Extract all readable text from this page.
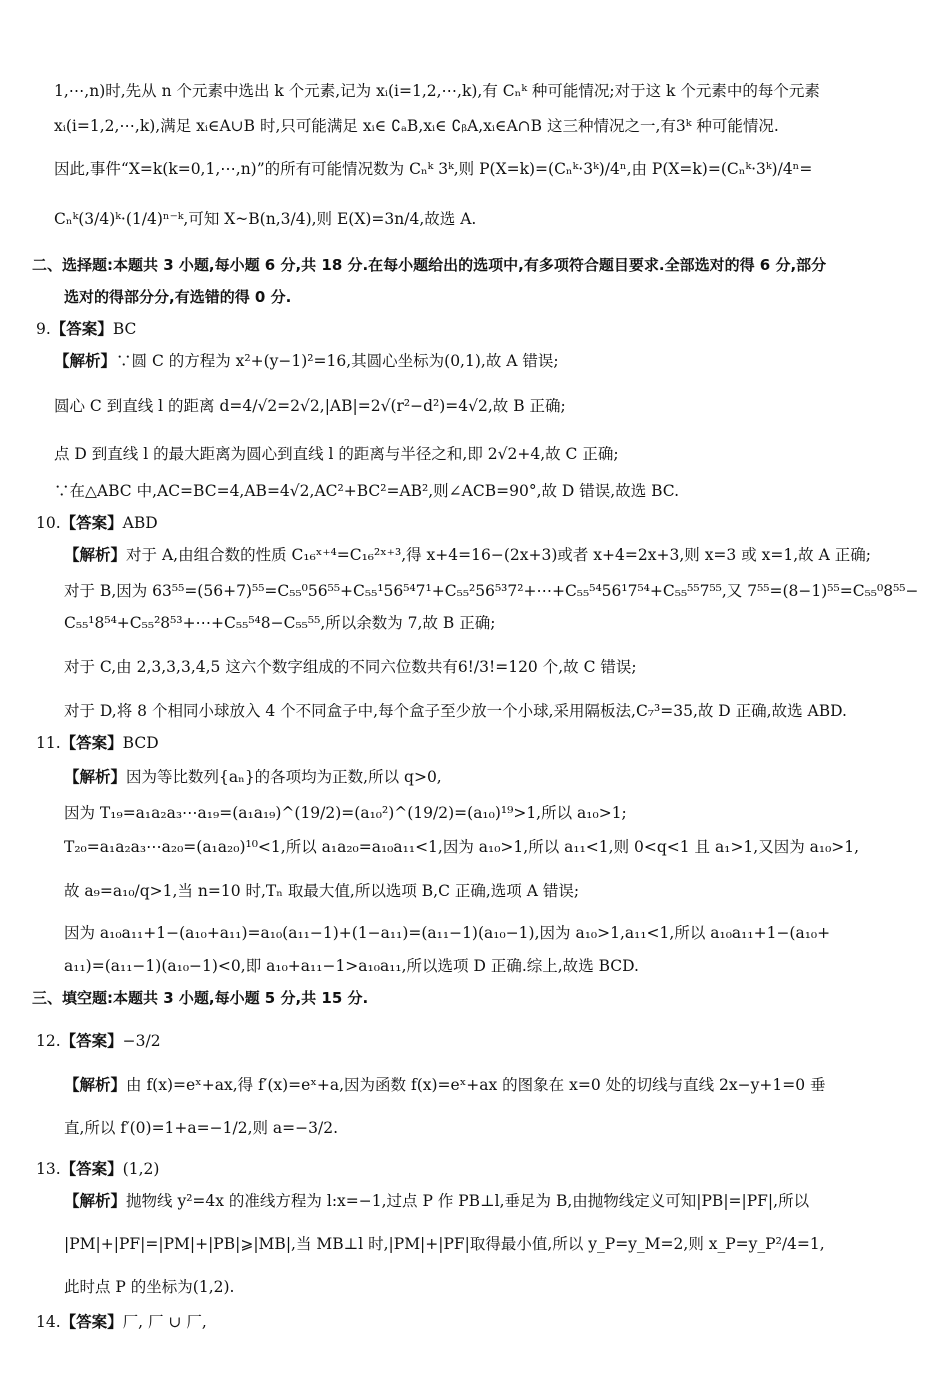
1,⋯,n)时,先从 n 个元素中选出 k 个元素,记为 xᵢ(i=1,2,⋯,k),有 Cₙᵏ 种可能情况;对于这 k 个元素中的每个元素
xᵢ(i=1,2,⋯,k),满足 xᵢ∈A∪B 时,只可能满足 xᵢ∈ ∁ₐB,xᵢ∈ ∁ᵦA,xᵢ∈A∩B 这三种情况之一,有3ᵏ 种可能情况.
因此,事件“X=k(k=0,1,⋯,n)”的所有可能情况数为 Cₙᵏ 3ᵏ,则 P(X=k)=(Cₙᵏ·3ᵏ)/4ⁿ,由 P(X=k)=(Cₙᵏ·3ᵏ)/4ⁿ=
Cₙᵏ(3/4)ᵏ·(1/4)ⁿ⁻ᵏ,可知 X~B(n,3/4),则 E(X)=3n/4,故选 A.
二、选择题:本题共 3 小题,每小题 6 分,共 18 分.在每小题给出的选项中,有多项符合题目要求.全部选对的得 6 分,部分
选对的得部分分,有选错的得 0 分.
9.【答案】BC
【解析】∵圆 C 的方程为 x²+(y−1)²=16,其圆心坐标为(0,1),故 A 错误;
圆心 C 到直线 l 的距离 d=4/√2=2√2,|AB|=2√(r²−d²)=4√2,故 B 正确;
点 D 到直线 l 的最大距离为圆心到直线 l 的距离与半径之和,即 2√2+4,故 C 正确;
∵在△ABC 中,AC=BC=4,AB=4√2,AC²+BC²=AB²,则∠ACB=90°,故 D 错误,故选 BC.
10.【答案】ABD
【解析】对于 A,由组合数的性质 C₁₆ˣ⁺⁴=C₁₆²ˣ⁺³,得 x+4=16−(2x+3)或者 x+4=2x+3,则 x=3 或 x=1,故 A 正确;
对于 B,因为 63⁵⁵=(56+7)⁵⁵=C₅₅⁰56⁵⁵+C₅₅¹56⁵⁴7¹+C₅₅²56⁵³7²+⋯+C₅₅⁵⁴56¹7⁵⁴+C₅₅⁵⁵7⁵⁵,又 7⁵⁵=(8−1)⁵⁵=C₅₅⁰8⁵⁵−
C₅₅¹8⁵⁴+C₅₅²8⁵³+⋯+C₅₅⁵⁴8−C₅₅⁵⁵,所以余数为 7,故 B 正确;
对于 C,由 2,3,3,3,4,5 这六个数字组成的不同六位数共有6!/3!=120 个,故 C 错误;
对于 D,将 8 个相同小球放入 4 个不同盒子中,每个盒子至少放一个小球,采用隔板法,C₇³=35,故 D 正确,故选 ABD.
11.【答案】BCD
【解析】因为等比数列{aₙ}的各项均为正数,所以 q>0,
因为 T₁₉=a₁a₂a₃⋯a₁₉=(a₁a₁₉)^(19/2)=(a₁₀²)^(19/2)=(a₁₀)¹⁹>1,所以 a₁₀>1;
T₂₀=a₁a₂a₃⋯a₂₀=(a₁a₂₀)¹⁰<1,所以 a₁a₂₀=a₁₀a₁₁<1,因为 a₁₀>1,所以 a₁₁<1,则 0<q<1 且 a₁>1,又因为 a₁₀>1,
故 a₉=a₁₀/q>1,当 n=10 时,Tₙ 取最大值,所以选项 B,C 正确,选项 A 错误;
因为 a₁₀a₁₁+1−(a₁₀+a₁₁)=a₁₀(a₁₁−1)+(1−a₁₁)=(a₁₁−1)(a₁₀−1),因为 a₁₀>1,a₁₁<1,所以 a₁₀a₁₁+1−(a₁₀+
a₁₁)=(a₁₁−1)(a₁₀−1)<0,即 a₁₀+a₁₁−1>a₁₀a₁₁,所以选项 D 正确.综上,故选 BCD.
三、填空题:本题共 3 小题,每小题 5 分,共 15 分.
12.【答案】−3/2
【解析】由 f(x)=eˣ+ax,得 f′(x)=eˣ+a,因为函数 f(x)=eˣ+ax 的图象在 x=0 处的切线与直线 2x−y+1=0 垂
直,所以 f′(0)=1+a=−1/2,则 a=−3/2.
13.【答案】(1,2)
【解析】抛物线 y²=4x 的准线方程为 l:x=−1,过点 P 作 PB⊥l,垂足为 B,由抛物线定义可知|PB|=|PF|,所以
|PM|+|PF|=|PM|+|PB|⩾|MB|,当 MB⊥l 时,|PM|+|PF|取得最小值,所以 y_P=y_M=2,则 x_P=y_P²/4=1,
此时点 P 的坐标为(1,2).
14.【答案】厂, 厂 ∪ 厂,
